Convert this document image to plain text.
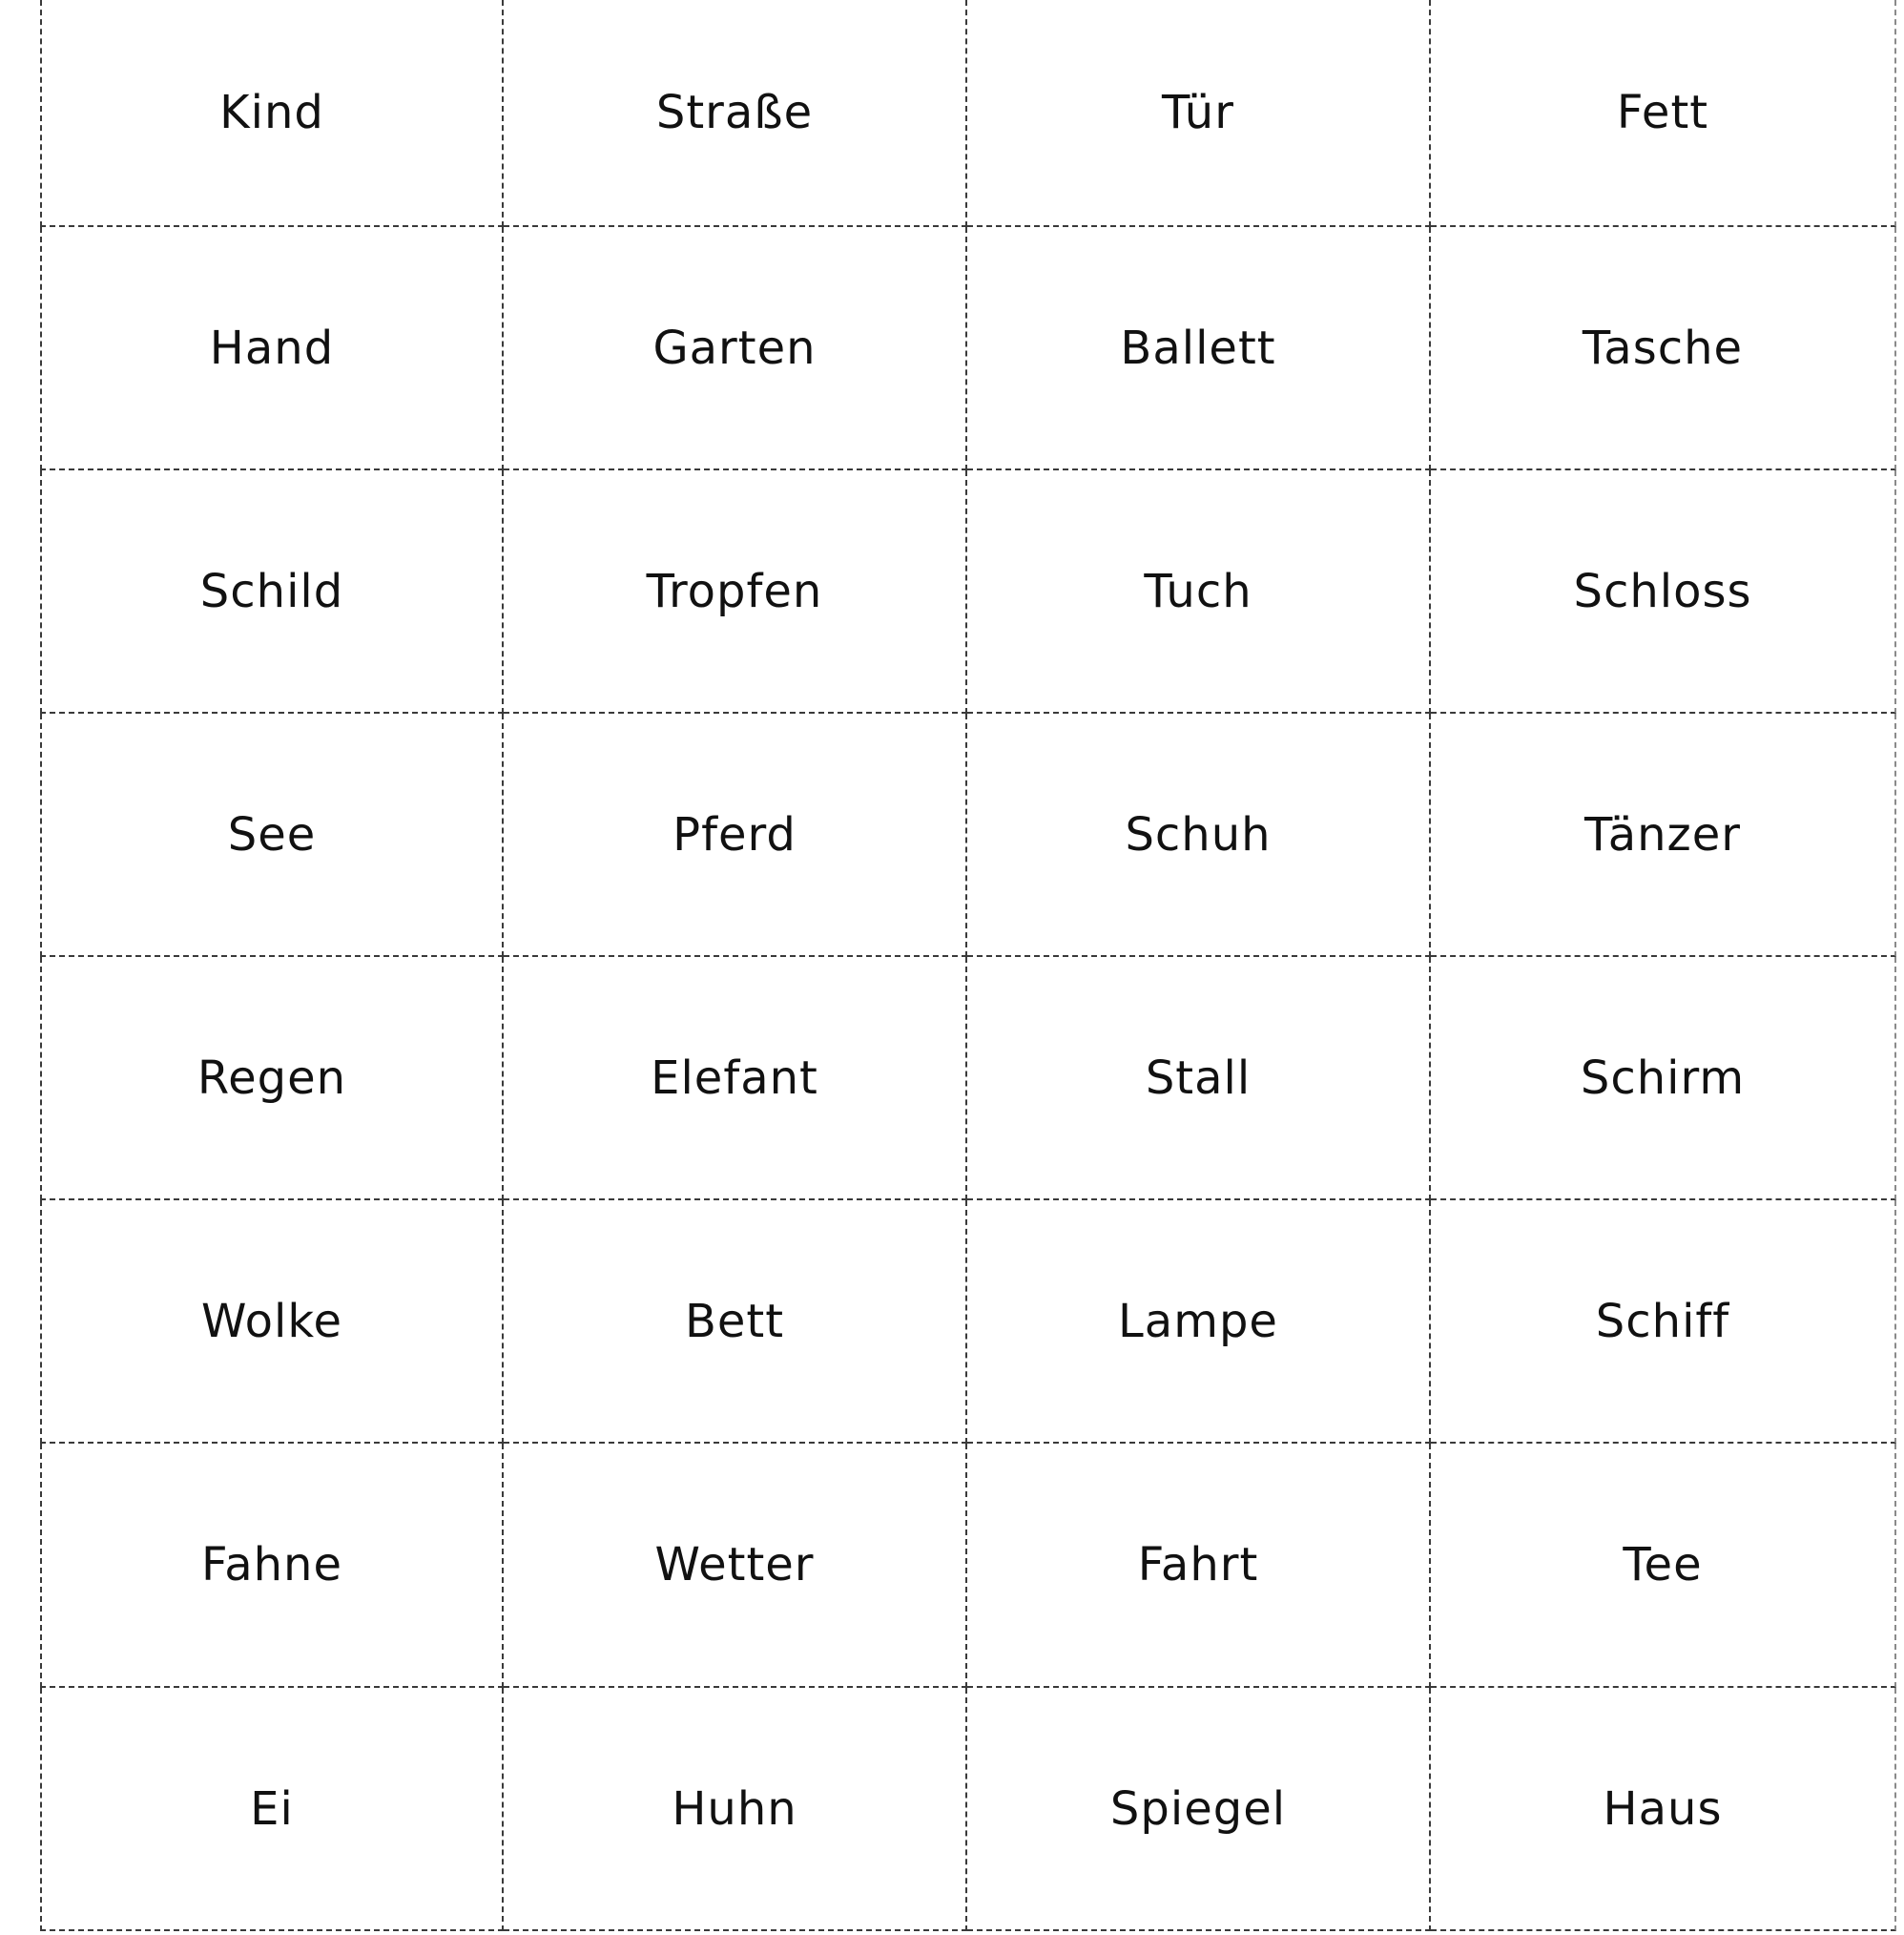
Kind	Straße	Tür	Fett
Hand	Garten	Ballett	Tasche
Schild	Tropfen	Tuch	Schloss
See	Pferd	Schuh	Tänzer
Regen	Elefant	Stall	Schirm
Wolke	Bett	Lampe	Schiff
Fahne	Wetter	Fahrt	Tee
Ei	Huhn	Spiegel	Haus
